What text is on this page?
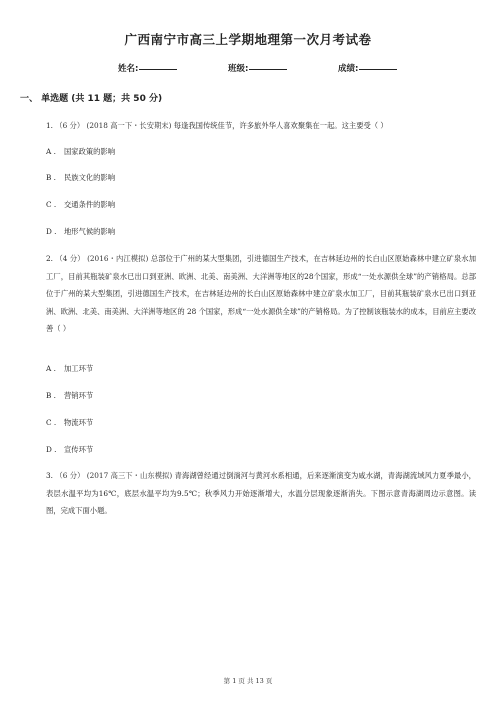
广西南宁市高三上学期地理第一次月考试卷
姓名:	班级:	成绩:
一、 单选题 (共 11 题；共 50 分)
1. （6 分） (2018 高一下・长安期末) 每逢我国传统佳节，许多旅外华人喜欢聚集在一起。这主要受（ ）
A . 国家政策的影响
B . 民族文化的影响
C . 交通条件的影响
D . 地形气候的影响
2. （4 分） (2016・内江模拟) 总部位于广州的某大型集团，引进德国生产技术，在吉林延边州的长白山区原始森林中建立矿泉水加工厂，目前其瓶装矿泉水已出口到亚洲、欧洲、北美、南美洲、大洋洲等地区的28个国家，形成“一处水源供全球”的产销格局。总部位于广州的某大型集团，引进德国生产技术，在吉林延边州的长白山区原始森林中建立矿泉水加工厂，目前其瓶装矿泉水已出口到亚洲、欧洲、北美、南美洲、大洋洲等地区的 28 个国家，形成“一处水源供全球”的产销格局。为了控制该瓶装水的成本，目前应主要改善（ ）
A . 加工环节
B . 营销环节
C . 物流环节
D . 宣传环节
3. （6 分） (2017 高三下・山东模拟) 青海湖曾经通过倒淌河与黄河水系相通，后来逐渐演变为咸水湖，青海湖流域风力夏季最小，表层水温平均为16℃，底层水温平均为9.5℃；秋季风力开始逐渐增大，水温分层现象逐渐消失。下图示意青海湖周边示意图。读图，完成下面小题。
第 1 页 共 13 页
